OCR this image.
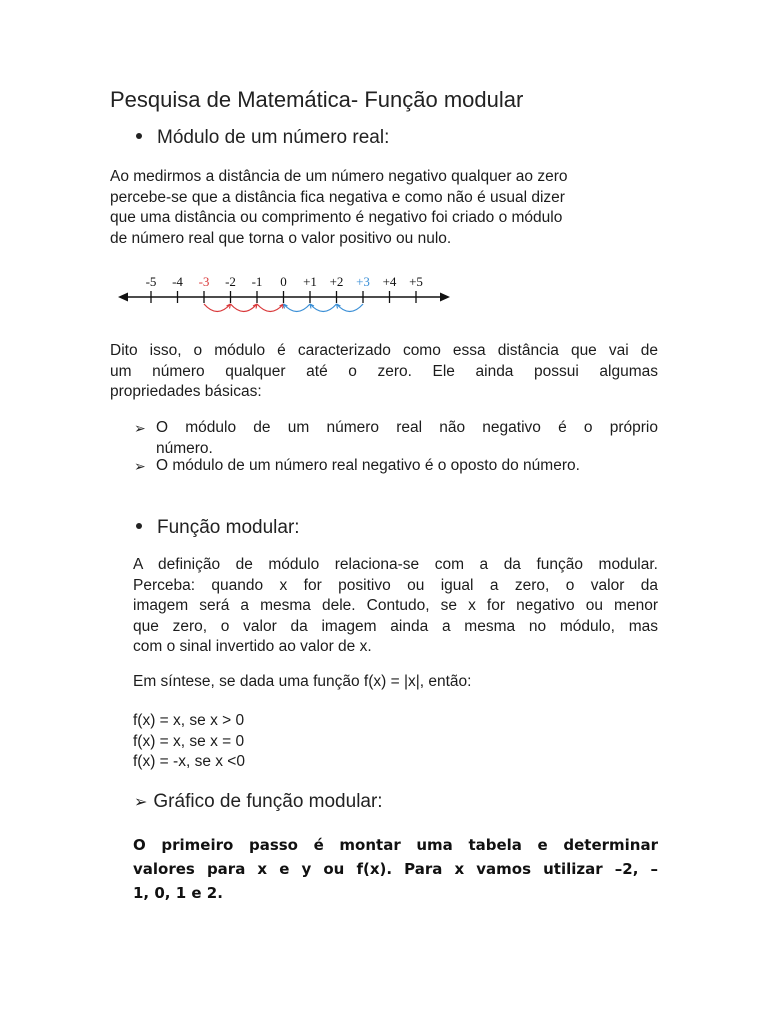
Pesquisa de Matemática- Função modular
Módulo de um número real:
Ao medirmos a distância de um número negativo qualquer ao zero
percebe-se que a distância fica negativa e como não é usual dizer
que uma distância ou comprimento é negativo foi criado o módulo
de número real que torna o valor positivo ou nulo.
-5 -4 -3 -2 -1 0 +1 +2 +3 +4 +5
Dito isso, o módulo é caracterizado como essa distância que vai de
um número qualquer até o zero. Ele ainda possui algumas
propriedades básicas:
➢ O módulo de um número real não negativo é o próprio
número.
➢ O módulo de um número real negativo é o oposto do número.
Função modular:
A definição de módulo relaciona-se com a da função modular.
Perceba: quando x for positivo ou igual a zero, o valor da
imagem será a mesma dele. Contudo, se x for negativo ou menor
que zero, o valor da imagem ainda a mesma no módulo, mas
com o sinal invertido ao valor de x.
Em síntese, se dada uma função f(x) = |x|, então:
f(x) = x, se x > 0
f(x) = x, se x = 0
f(x) = -x, se x <0
➢ Gráfico de função modular:
O primeiro passo é montar uma tabela e determinar
valores para x e y ou f(x). Para x vamos utilizar –2, –
1, 0, 1 e 2.
